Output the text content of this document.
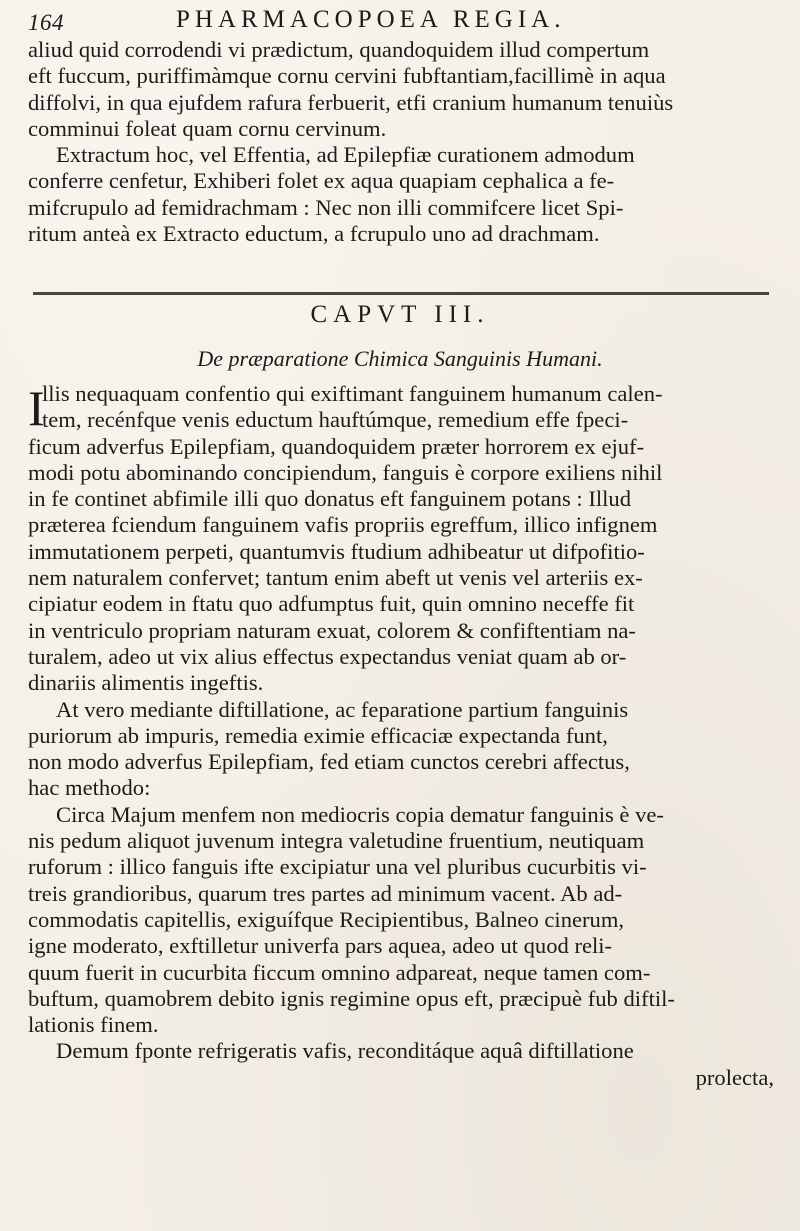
164	PHARMACOPOEA REGIA.
aliud quid corrodendi vi prædictum, quandoquidem illud compertum
eft fuccum, puriffimàmque cornu cervini fubftantiam,facillimè in aqua
diffolvi, in qua ejufdem rafura ferbuerit, etfi cranium humanum tenuiùs
comminui foleat quam cornu cervinum.
Extractum hoc, vel Effentia, ad Epilepfiæ curationem admodum
conferre cenfetur, Exhiberi folet ex aqua quapiam cephalica a fe-
mifcrupulo ad femidrachmam : Nec non illi commifcere licet Spi-
ritum anteà ex Extracto eductum, a fcrupulo uno ad drachmam.
CAPVT III.
De præparatione Chimica Sanguinis Humani.
I
llis nequaquam confentio qui exiftimant fanguinem humanum calen-
tem, recénfque venis eductum hauftúmque, remedium effe fpeci-
ficum adverfus Epilepfiam, quandoquidem præter horrorem ex ejuf-
modi potu abominando concipiendum, fanguis è corpore exiliens nihil
in fe continet abfimile illi quo donatus eft fanguinem potans : Illud
præterea fciendum fanguinem vafis propriis egreffum, illico infignem
immutationem perpeti, quantumvis ftudium adhibeatur ut difpofitio-
nem naturalem confervet; tantum enim abeft ut venis vel arteriis ex-
cipiatur eodem in ftatu quo adfumptus fuit, quin omnino neceffe fit
in ventriculo propriam naturam exuat, colorem & confiftentiam na-
turalem, adeo ut vix alius effectus expectandus veniat quam ab or-
dinariis alimentis ingeftis.
At vero mediante diftillatione, ac feparatione partium fanguinis
puriorum ab impuris, remedia eximie efficaciæ expectanda funt,
non modo adverfus Epilepfiam, fed etiam cunctos cerebri affectus,
hac methodo:
Circa Majum menfem non mediocris copia dematur fanguinis è ve-
nis pedum aliquot juvenum integra valetudine fruentium, neutiquam
ruforum : illico fanguis ifte excipiatur una vel pluribus cucurbitis vi-
treis grandioribus, quarum tres partes ad minimum vacent. Ab ad-
commodatis capitellis, exiguífque Recipientibus, Balneo cinerum,
igne moderato, exftilletur univerfa pars aquea, adeo ut quod reli-
quum fuerit in cucurbita ficcum omnino adpareat, neque tamen com-
buftum, quamobrem debito ignis regimine opus eft, præcipuè fub diftil-
lationis finem.
Demum fponte refrigeratis vafis, reconditáque aquâ diftillatione
prolecta,
